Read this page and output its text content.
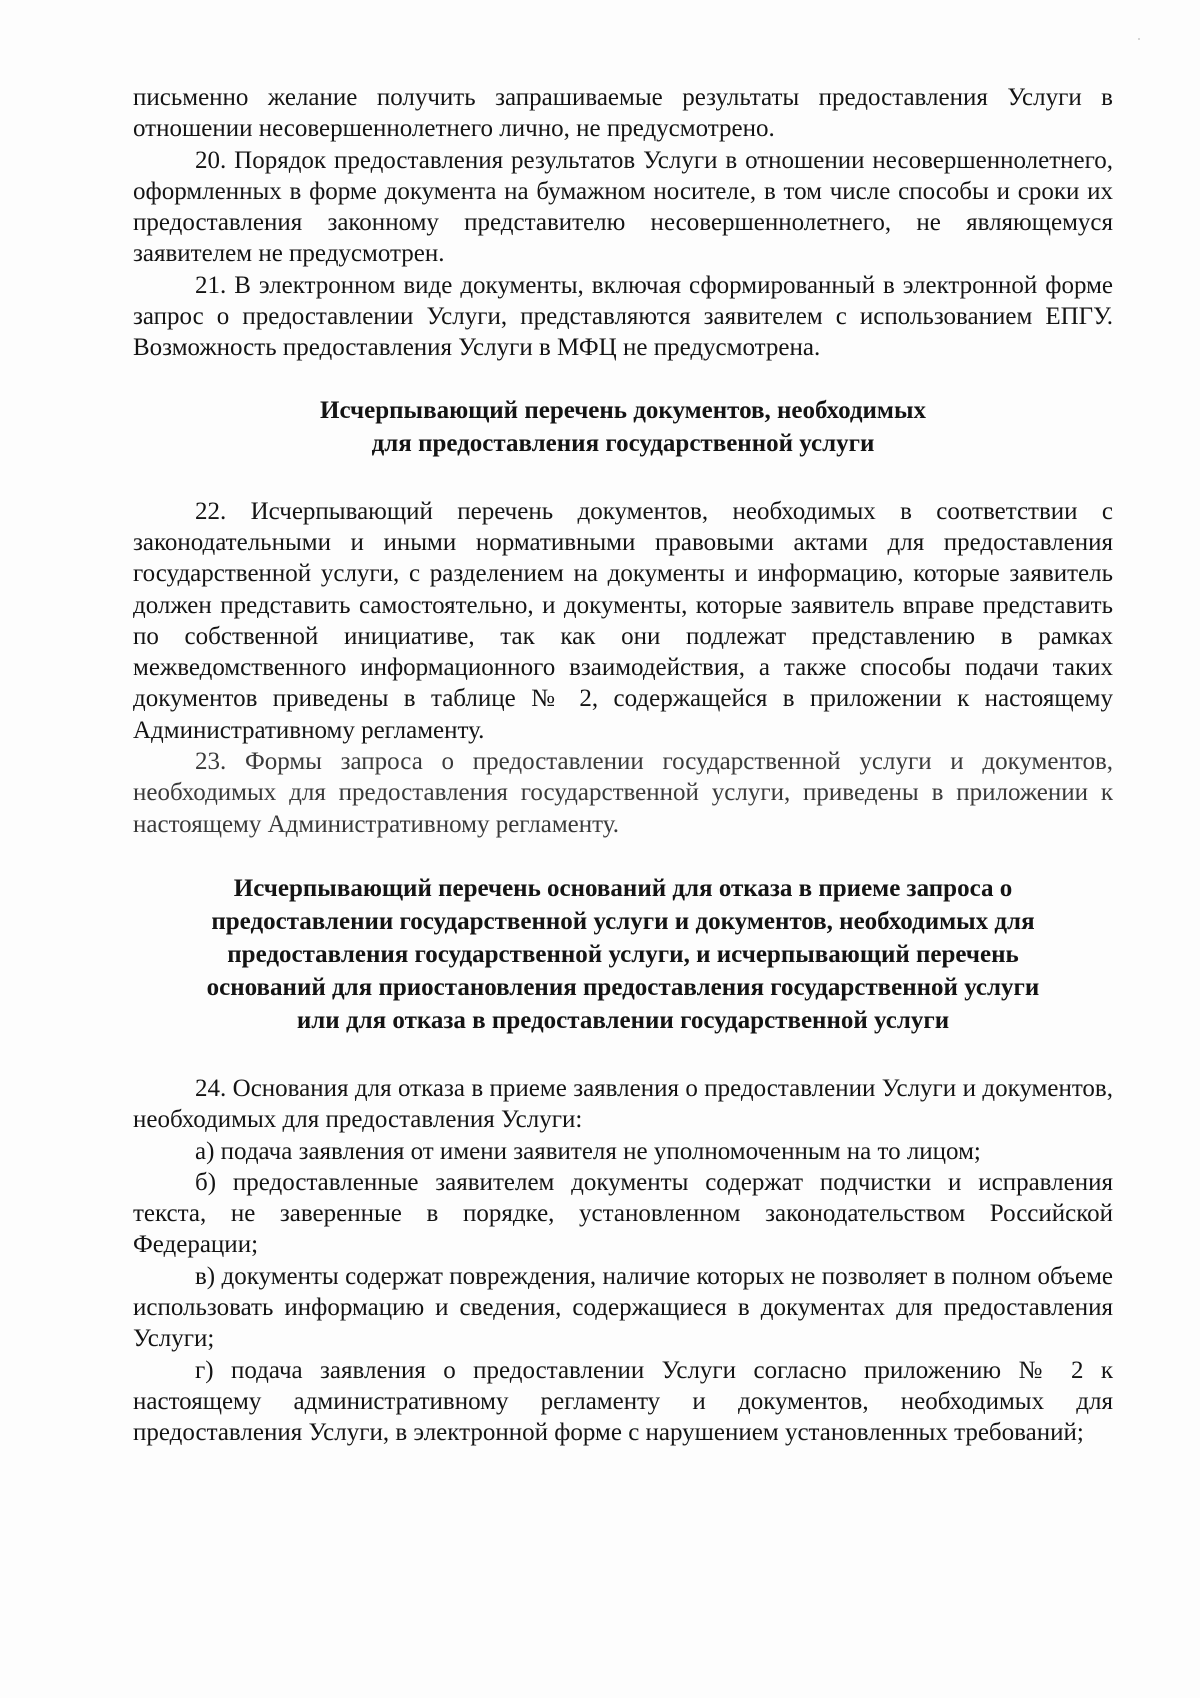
письменно желание получить запрашиваемые результаты предоставления Услуги в отношении несовершеннолетнего лично, не предусмотрено.

20. Порядок предоставления результатов Услуги в отношении несовершеннолетнего, оформленных в форме документа на бумажном носителе, в том числе способы и сроки их предоставления законному представителю несовершеннолетнего, не являющемуся заявителем не предусмотрен.

21. В электронном виде документы, включая сформированный в электронной форме запрос о предоставлении Услуги, представляются заявителем с использованием ЕПГУ. Возможность предоставления Услуги в МФЦ не предусмотрена.

Исчерпывающий перечень документов, необходимых
для предоставления государственной услуги

22. Исчерпывающий перечень документов, необходимых в соответствии с законодательными и иными нормативными правовыми актами для предоставления государственной услуги, с разделением на документы и информацию, которые заявитель должен представить самостоятельно, и документы, которые заявитель вправе представить по собственной инициативе, так как они подлежат представлению в рамках межведомственного информационного взаимодействия, а также способы подачи таких документов приведены в таблице № 2, содержащейся в приложении к настоящему Административному регламенту.

23. Формы запроса о предоставлении государственной услуги и документов, необходимых для предоставления государственной услуги, приведены в приложении к настоящему Административному регламенту.

Исчерпывающий перечень оснований для отказа в приеме запроса о
предоставлении государственной услуги и документов, необходимых для
предоставления государственной услуги, и исчерпывающий перечень
оснований для приостановления предоставления государственной услуги
или для отказа в предоставлении государственной услуги

24. Основания для отказа в приеме заявления о предоставлении Услуги и документов, необходимых для предоставления Услуги:

а) подача заявления от имени заявителя не уполномоченным на то лицом;

б) предоставленные заявителем документы содержат подчистки и исправления текста, не заверенные в порядке, установленном законодательством Российской Федерации;

в) документы содержат повреждения, наличие которых не позволяет в полном объеме использовать информацию и сведения, содержащиеся в документах для предоставления Услуги;

г) подача заявления о предоставлении Услуги согласно приложению № 2 к настоящему административному регламенту и документов, необходимых для предоставления Услуги, в электронной форме с нарушением установленных требований;
